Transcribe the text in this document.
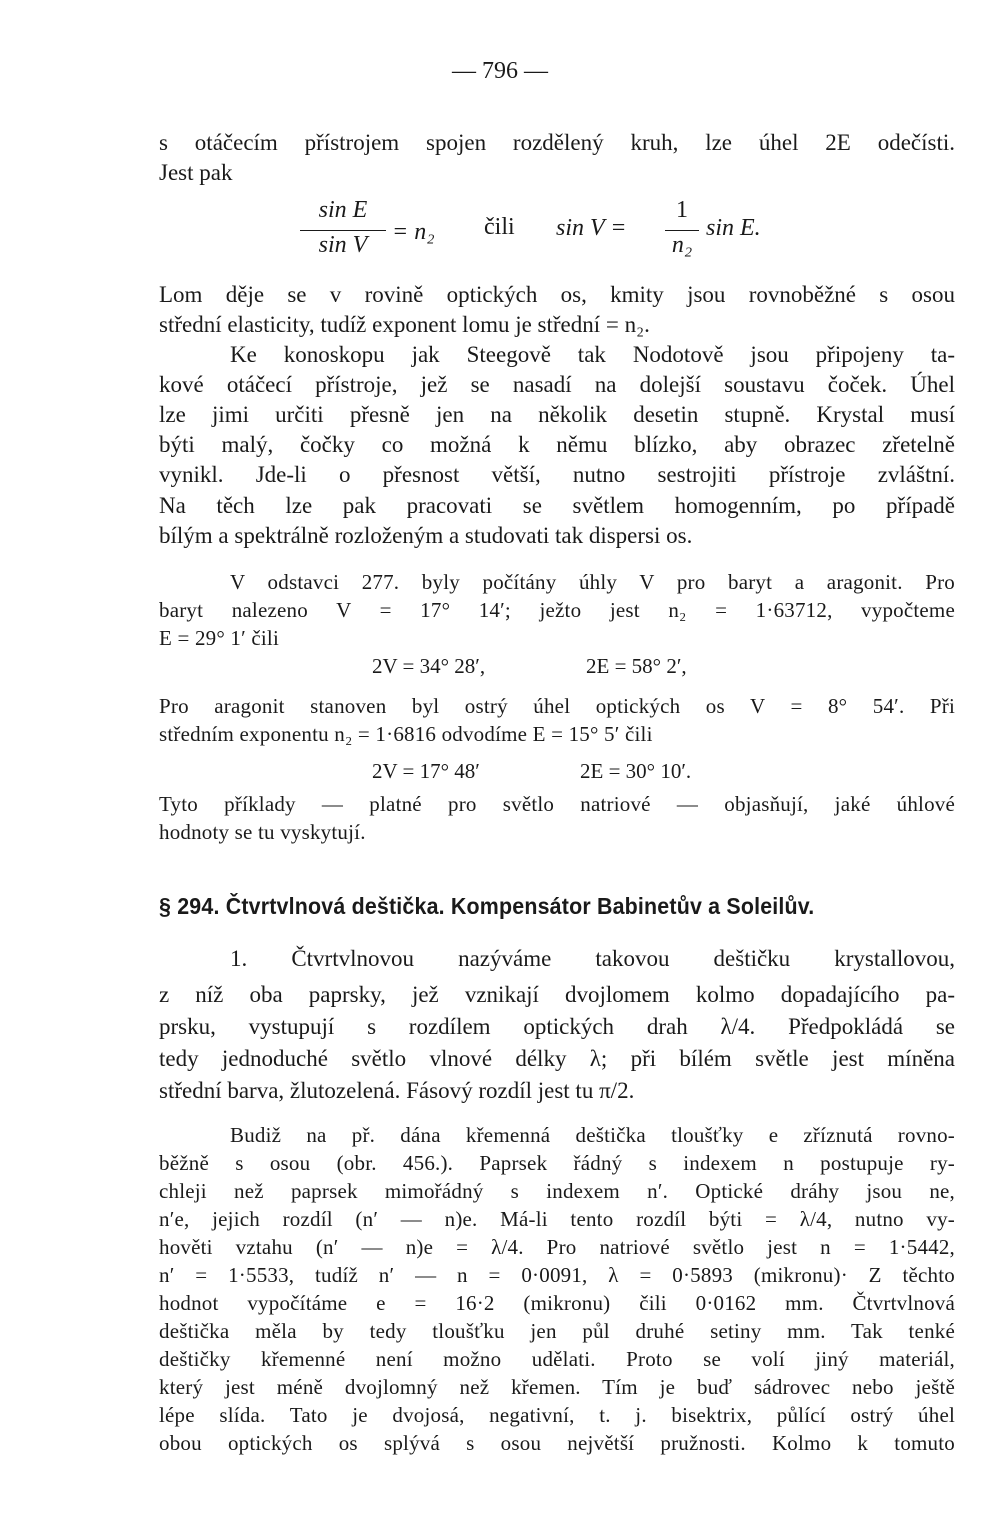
— 796 —
s otáčecím přístrojem spojen rozdělený kruh, lze úhel 2E odečísti.
Jest pak
sin E
sin V	= n₂ čili sin V =
1
n₂
sin E.
Lom děje se v rovině optických os, kmity jsou rovnoběžné s osou
střední elasticity, tudíž exponent lomu je střední = n₂.
Ke konoskopu jak Steegově tak Nodotově jsou připojeny ta-
kové otáčecí přístroje, jež se nasadí na dolejší soustavu čoček. Úhel
lze jimi určiti přesně jen na několik desetin stupně. Krystal musí
býti malý, čočky co možná k němu blízko, aby obrazec zřetelně
vynikl. Jde-li o přesnost větší, nutno sestrojiti přístroje zvláštní.
Na těch lze pak pracovati se světlem homogenním, po případě
bílým a spektrálně rozloženým a studovati tak dispersi os.
V odstavci 277. byly počítány úhly V pro baryt a aragonit. Pro
baryt nalezeno V = 17° 14′; ježto jest n₂ = 1·63712, vypočteme
E = 29° 1′ čili
2V = 34° 28′,	2E = 58° 2′,
Pro aragonit stanoven byl ostrý úhel optických os V = 8° 54′. Při
středním exponentu n₂ = 1·6816 odvodíme E = 15° 5′ čili
2V = 17° 48′	2E = 30° 10′.
Tyto příklady — platné pro světlo natriové — objasňují, jaké úhlové
hodnoty se tu vyskytují.
§ 294. Čtvrtvlnová deštička. Kompensátor Babinetův a Soleilův.
1. Čtvrtvlnovou nazýváme takovou deštičku krystallovou,
z níž oba paprsky, jež vznikají dvojlomem kolmo dopadajícího pa-
prsku, vystupují s rozdílem optických drah λ/4. Předpokládá se
tedy jednoduché světlo vlnové délky λ; při bílém světle jest míněna
střední barva, žlutozelená. Fásový rozdíl jest tu π/2.
Budiž na př. dána křemenná deštička tloušťky e zříznutá rovno-
běžně s osou (obr. 456.). Paprsek řádný s indexem n postupuje ry-
chleji než paprsek mimořádný s indexem n′. Optické dráhy jsou ne,
n′e, jejich rozdíl (n′ — n)e. Má-li tento rozdíl býti = λ/4, nutno vy-
hověti vztahu (n′ — n)e = λ/4. Pro natriové světlo jest n = 1·5442,
n′ = 1·5533, tudíž n′ — n = 0·0091, λ = 0·5893 (mikronu)· Z těchto
hodnot vypočítáme e = 16·2 (mikronu) čili 0·0162 mm. Čtvrtvlnová
deštička měla by tedy tloušťku jen půl druhé setiny mm. Tak tenké
deštičky křemenné není možno udělati. Proto se volí jiný materiál,
který jest méně dvojlomný než křemen. Tím je buď sádrovec nebo ještě
lépe slída. Tato je dvojosá, negativní, t. j. bisektrix, půlící ostrý úhel
obou optických os splývá s osou největší pružnosti. Kolmo k tomuto
